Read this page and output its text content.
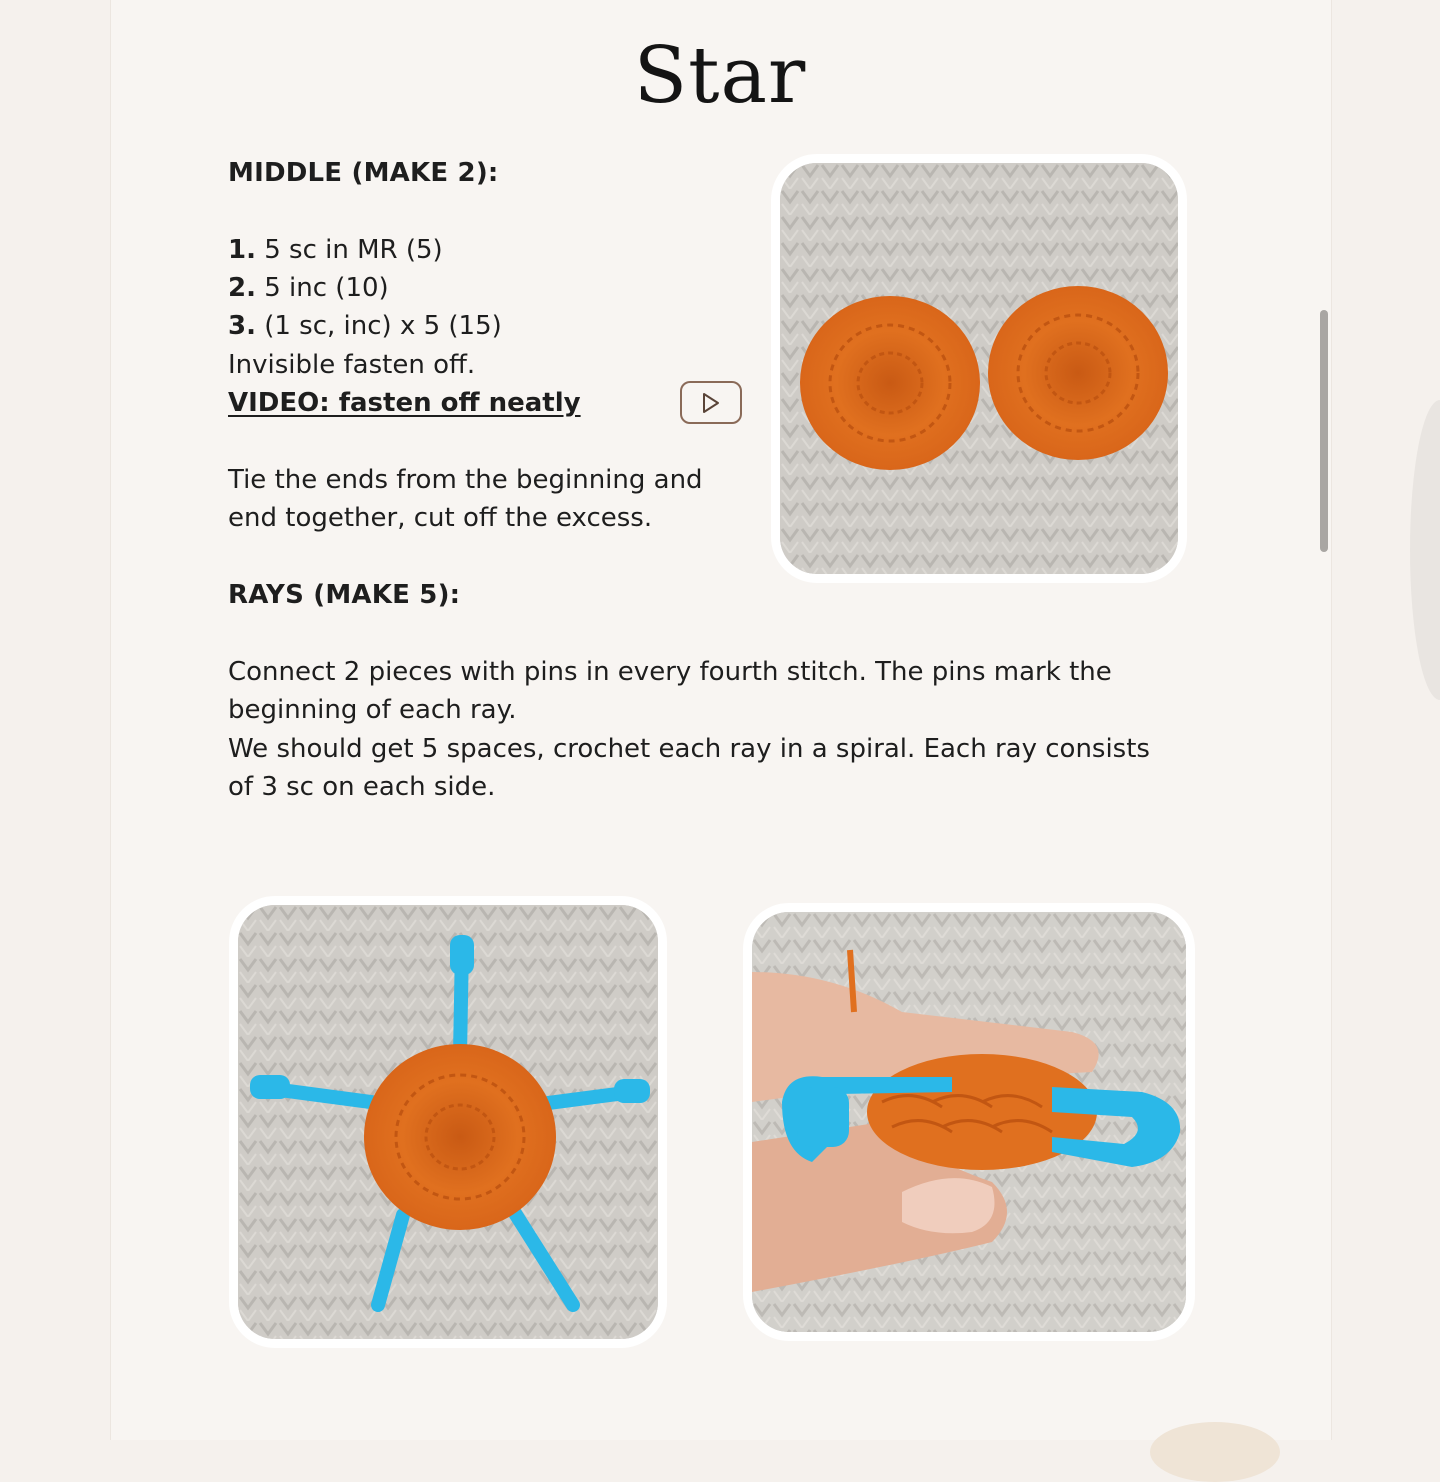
Star

MIDDLE (MAKE 2):

1. 5 sc in MR (5)

2. 5 inc (10)

3. (1 sc, inc) x 5 (15)

Invisible fasten off.

VIDEO: fasten off neatly

Tie the ends from the beginning and

end together, cut off the excess.

RAYS (MAKE 5):

Connect 2 pieces with pins in every fourth stitch. The pins mark the

beginning of each ray.

We should get 5 spaces, crochet each ray in a spiral. Each ray consists

of 3 sc on each side.
